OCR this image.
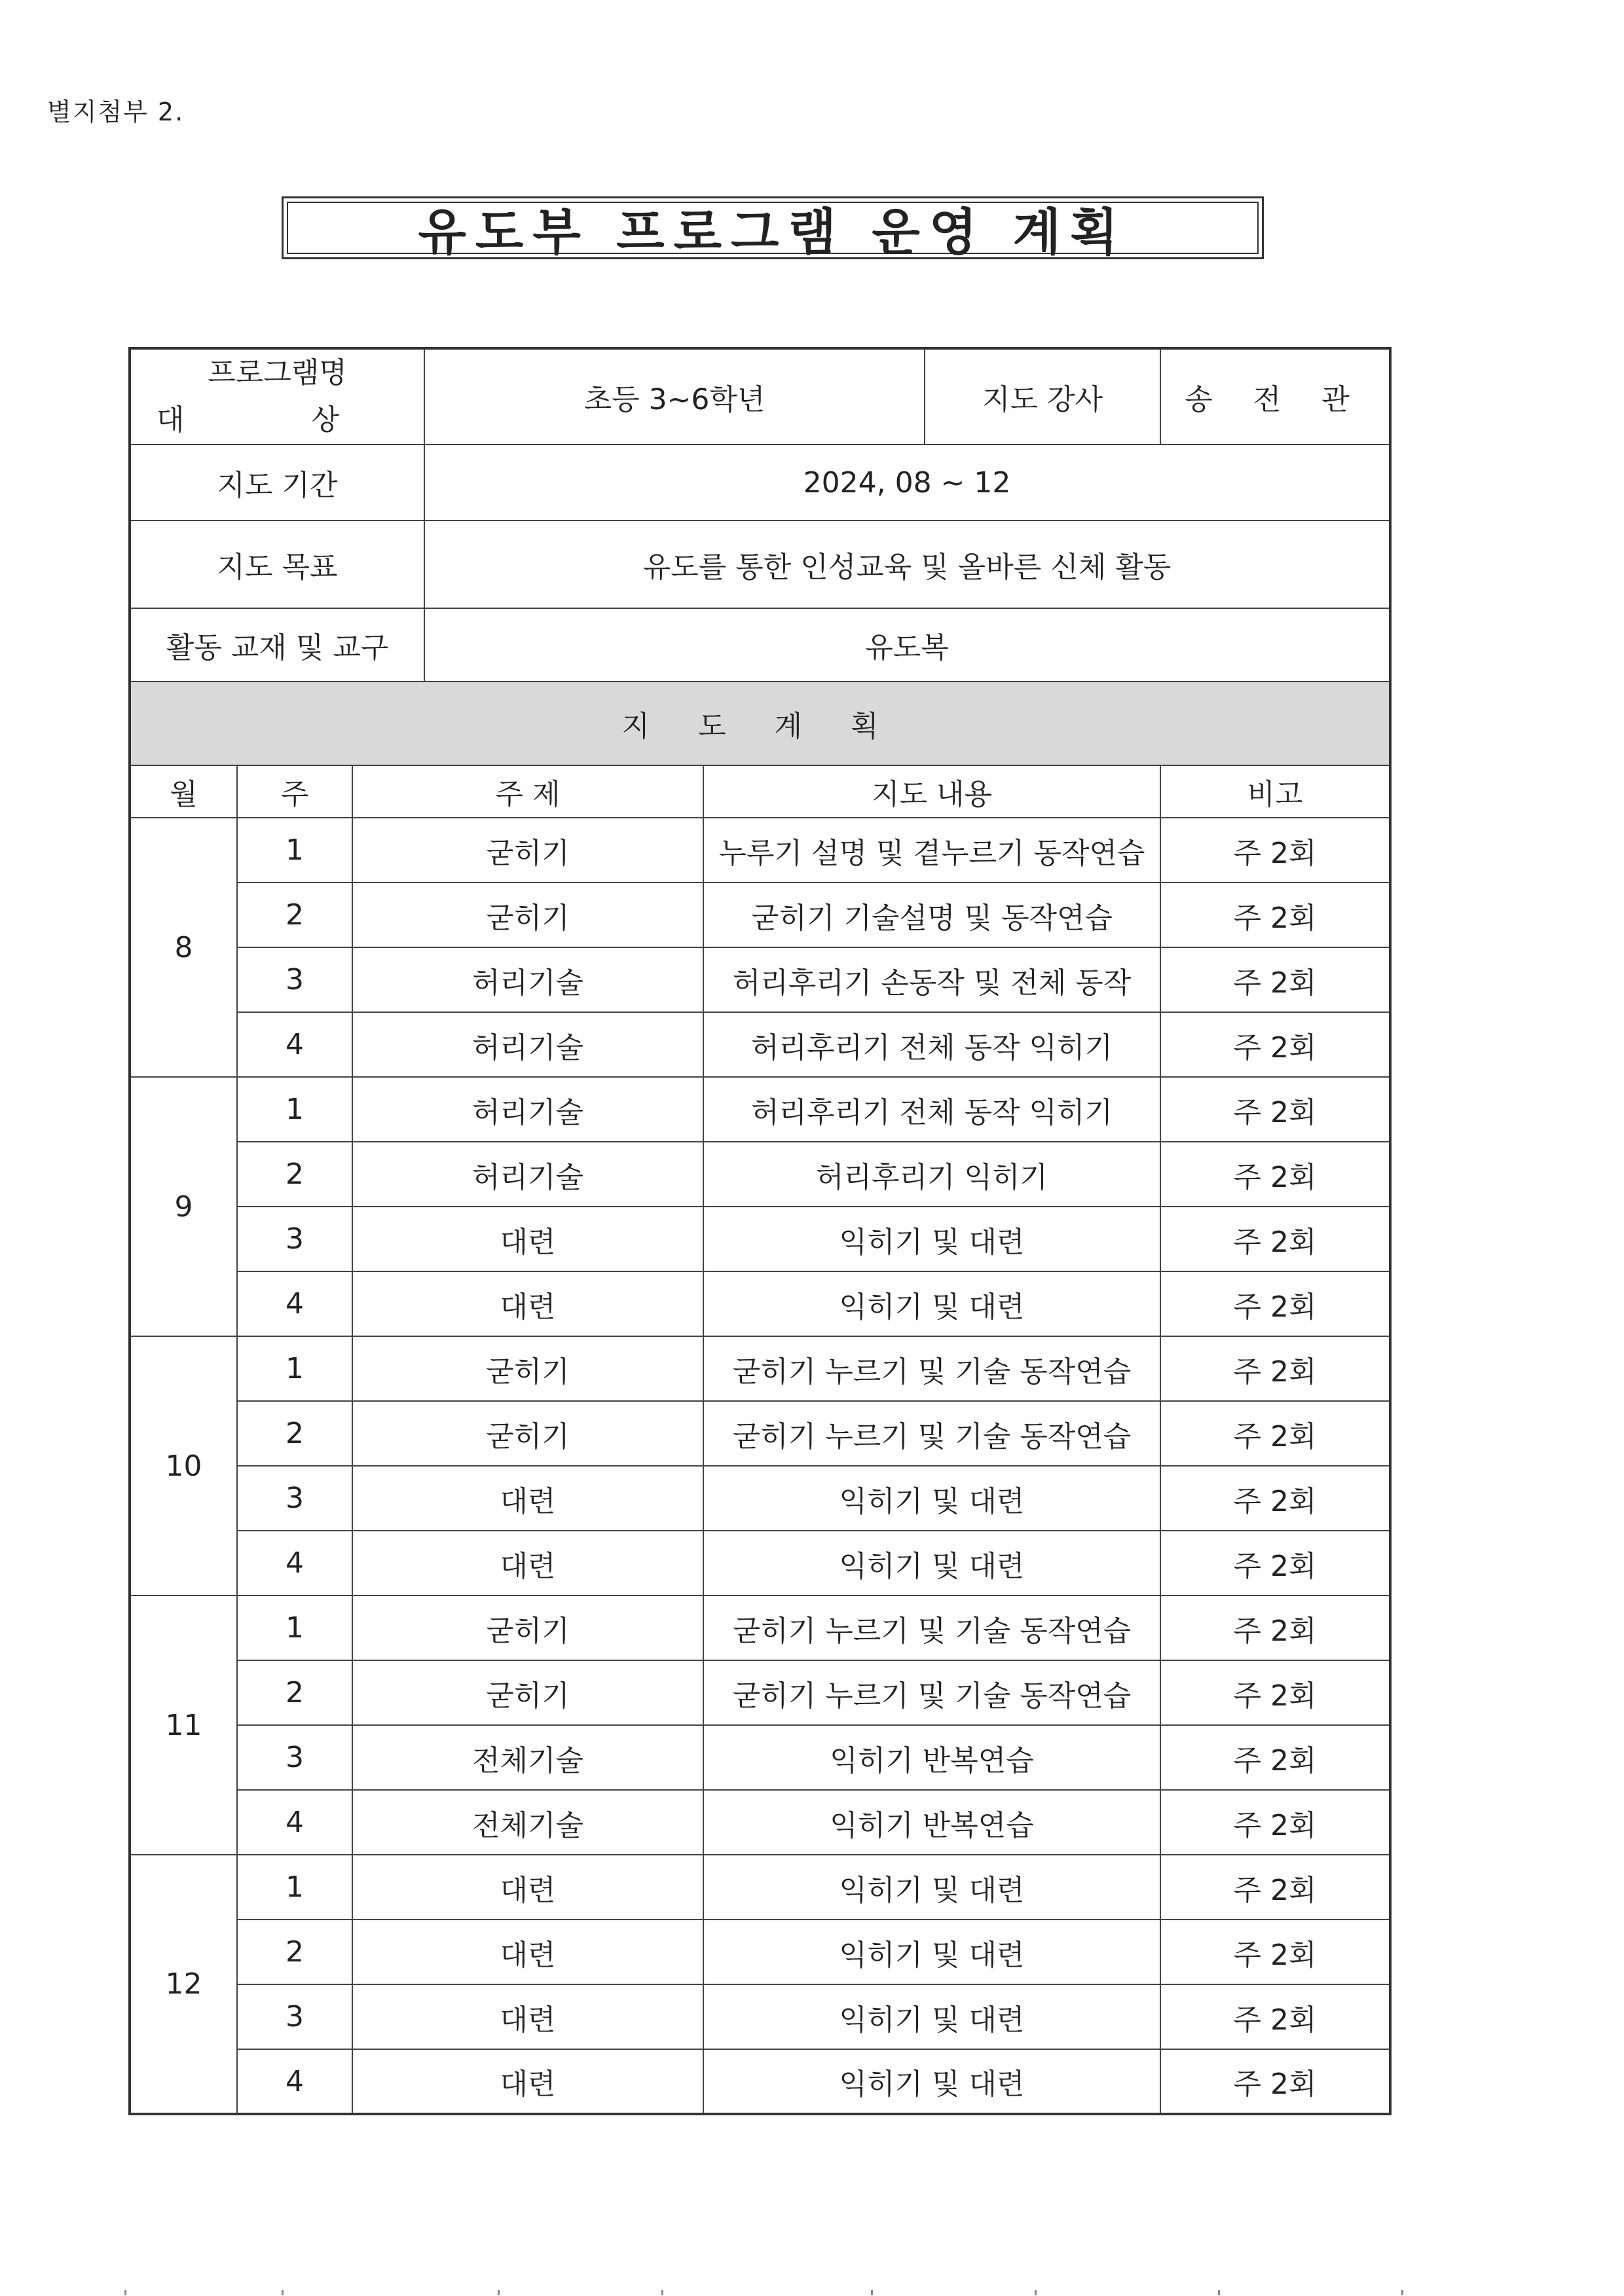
별지첨부 2.
유도부 프로그램 운영 계획
프로그램명
대 상			초등 3~6학년		지도 강사	송 전 관
지도 기간			2024, 08 ~ 12			
지도 목표			유도를 통한 인성교육 및 올바른 신체 활동			
활동 교재 및 교구			유도복			
지 도 계 획						
월	주	주 제		지도 내용		비고
8	1	굳히기		누루기 설명 및 곁누르기 동작연습		주 2회
	2	굳히기		굳히기 기술설명 및 동작연습		주 2회
	3	허리기술		허리후리기 손동작 및 전체 동작		주 2회
	4	허리기술		허리후리기 전체 동작 익히기		주 2회
9	1	허리기술		허리후리기 전체 동작 익히기		주 2회
	2	허리기술		허리후리기 익히기		주 2회
	3	대련		익히기 및 대련		주 2회
	4	대련		익히기 및 대련		주 2회
10	1	굳히기		굳히기 누르기 및 기술 동작연습		주 2회
	2	굳히기		굳히기 누르기 및 기술 동작연습		주 2회
	3	대련		익히기 및 대련		주 2회
	4	대련		익히기 및 대련		주 2회
11	1	굳히기		굳히기 누르기 및 기술 동작연습		주 2회
	2	굳히기		굳히기 누르기 및 기술 동작연습		주 2회
	3	전체기술		익히기 반복연습		주 2회
	4	전체기술		익히기 반복연습		주 2회
12	1	대련		익히기 및 대련		주 2회
	2	대련		익히기 및 대련		주 2회
	3	대련		익히기 및 대련		주 2회
	4	대련		익히기 및 대련		주 2회
